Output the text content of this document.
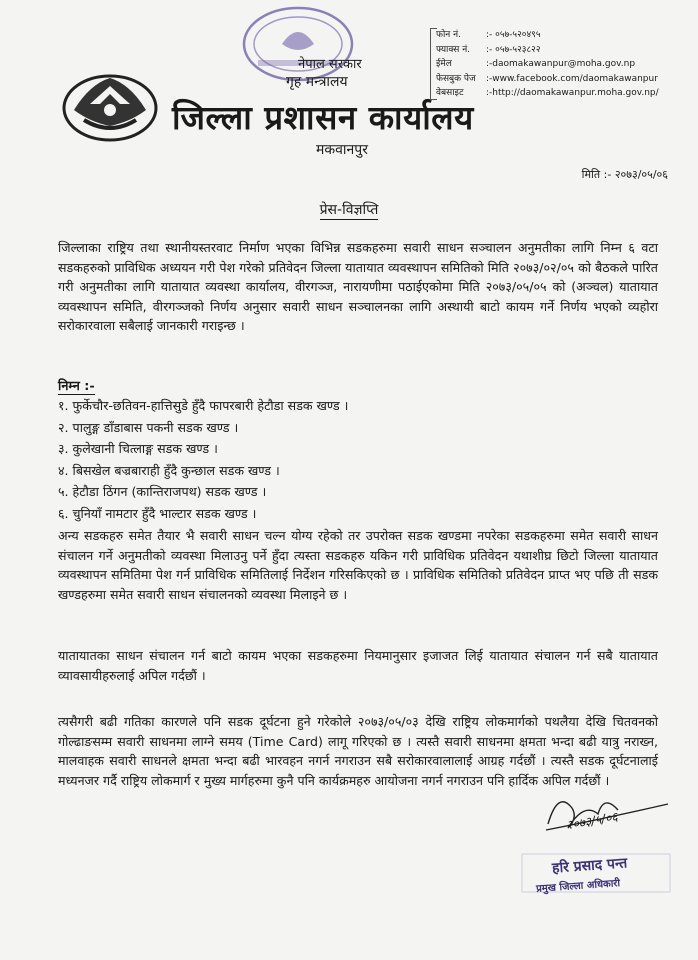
नेपाल सरकार
गृह मन्त्रालय
जिल्ला प्रशासन कार्यालय
मकवानपुर
फोन नं.	:- ०५७-५२०४९५
फ्याक्स नं.	:- ०५७-५२३८२२
ईमेल	:-daomakawanpur@moha.gov.np
फेसबुक पेज	:-www.facebook.com/daomakawanpur
वेबसाइट	:-http://daomakawanpur.moha.gov.np/
मिति :- २०७३/०५/०६
प्रेस-विज्ञप्ति
जिल्लाका राष्ट्रिय तथा स्थानीयस्तरवाट निर्माण भएका विभिन्न सडकहरुमा सवारी साधन सञ्चालन अनुमतीका लागि निम्न ६ वटा सडकहरुको प्राविधिक अध्ययन गरी पेश गरेको प्रतिवेदन जिल्ला यातायात व्यवस्थापन समितिको मिति २०७३/०२/०५ को बैठकले पारित गरी अनुमतीका लागि यातायात व्यवस्था कार्यालय, वीरगञ्ज, नारायणीमा पठाईएकोमा मिति २०७३/०५/०५ को (अञ्चल) यातायात व्यवस्थापन समिति, वीरगञ्जको निर्णय अनुसार सवारी साधन सञ्चालनका लागि अस्थायी बाटो कायम गर्ने निर्णय भएको व्यहोरा सरोकारवाला सबैलाई जानकारी गराइन्छ ।
निम्न :-
१. फुर्केचौर-छतिवन-हात्तिसुडे हुँदै फापरबारी हेटौडा सडक खण्ड ।
२. पालुङ्ग डाँडाबास पकनी सडक खण्ड ।
३. कुलेखानी चित्लाङ्ग सडक खण्ड ।
४. बिसखेल बज्रबाराही हुँदै कुन्छाल सडक खण्ड ।
५. हेटौडा ठिंगन (कान्तिराजपथ) सडक खण्ड ।
६. चुनियाँ नामटार हुँदै भाल्टार सडक खण्ड ।
अन्य सडकहरु समेत तैयार भै सवारी साधन चल्न योग्य रहेको तर उपरोक्त सडक खण्डमा नपरेका सडकहरुमा समेत सवारी साधन संचालन गर्ने अनुमतीको व्यवस्था मिलाउनु पर्ने हुँदा त्यस्ता सडकहरु यकिन गरी प्राविधिक प्रतिवेदन यथाशीघ्र छिटो जिल्ला यातायात व्यवस्थापन समितिमा पेश गर्न प्राविधिक समितिलाई निर्देशन गरिसकिएको छ । प्राविधिक समितिको प्रतिवेदन प्राप्त भए पछि ती सडक खण्डहरुमा समेत सवारी साधन संचालनको व्यवस्था मिलाइने छ ।
यातायातका साधन संचालन गर्न बाटो कायम भएका सडकहरुमा नियमानुसार इजाजत लिई यातायात संचालन गर्न सबै यातायात व्यावसायीहरुलाई अपिल गर्दछौं ।
त्यसैगरी बढी गतिका कारणले पनि सडक दूर्घटना हुने गरेकोले २०७३/०५/०३ देखि राष्ट्रिय लोकमार्गको पथलैया देखि चितवनको गोल्ढाङसम्म सवारी साधनमा लाग्ने समय (Time Card) लागू गरिएको छ । त्यस्तै सवारी साधनमा क्षमता भन्दा बढी यात्रु नराख्न, मालवाहक सवारी साधनले क्षमता भन्दा बढी भारवहन नगर्न नगराउन सबै सरोकारवालालाई आग्रह गर्दछौं । त्यस्तै सडक दूर्घटनालाई मध्यनजर गर्दै राष्ट्रिय लोकमार्ग र मुख्य मार्गहरुमा कुनै पनि कार्यक्रमहरु आयोजना नगर्न नगराउन पनि हार्दिक अपिल गर्दछौं ।
२०७३/५/०६
हरि प्रसाद पन्त
प्रमुख जिल्ला अधिकारी
